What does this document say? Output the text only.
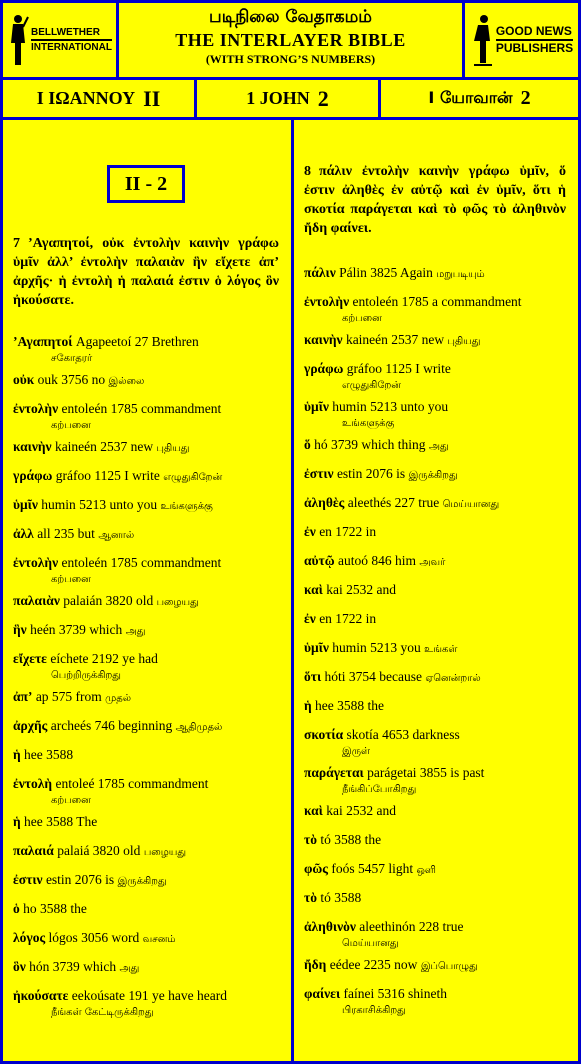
BELLWETHER
INTERNATIONAL
படிநிலை வேதாகமம்
THE INTERLAYER BIBLE
(WITH STRONG’S NUMBERS)
GOOD NEWS
PUBLISHERS
I ΙΩΑΝΝΟΥ II	1 JOHN 2	I யோவான் 2
II - 2
7 ’Αγαπητοί, οὐκ ἐντολὴν καινὴν γράφω ὑμῖν ἀλλ’ ἐντολὴν παλαιὰν ἣν εἴχετε ἀπ’ ἀρχῆς· ἡ ἐντολὴ ἡ παλαιά ἐστιν ὁ λόγος ὃν ἠκούσατε.
’Αγαπητοί Agapeetoí 27 Brethren
சகோதரர்
οὐκ ouk 3756 no இல்லை
ἐντολὴν entoleén 1785 commandment
கற்பனை
καινὴν kaineén 2537 new புதியது
γράφω gráfoo 1125 I write எழுதுகிறேன்
ὑμῖν humin 5213 unto you உங்களுக்கு
ἀλλ all 235 but ஆனால்
ἐντολὴν entoleén 1785 commandment
கற்பனை
παλαιὰν palaián 3820 old பழையது
ἣν heén 3739 which அது
εἴχετε eíchete 2192 ye had
பெற்றிருக்கிறது
ἀπ’ ap 575 from முதல்
ἀρχῆς archeés 746 beginning ஆதிமுதல்
ἡ hee 3588
ἐντολὴ entoleé 1785 commandment
கற்பனை
ἡ hee 3588 The
παλαιά palaiá 3820 old பழையது
ἐστιν estin 2076 is இருக்கிறது
ὁ ho 3588 the
λόγος lógos 3056 word வசனம்
ὃν hón 3739 which அது
ἠκούσατε eekoúsate 191 ye have heard
நீங்கள் கேட்டிருக்கிறது
8 πάλιν ἐντολὴν καινὴν γράφω ὑμῖν, ὅ ἐστιν ἀληθὲς ἐν αὐτῷ καὶ ἐν ὑμῖν, ὅτι ἡ σκοτία παράγεται καὶ τὸ φῶς τὸ ἀληθινὸν ἤδη φαίνει.
πάλιν Pálin 3825 Again மறுபடியும்
ἐντολὴν entoleén 1785 a commandment
கற்பனை
καινὴν kaineén 2537 new புதியது
γράφω gráfoo 1125 I write
எழுதுகிறேன்
ὑμῖν humin 5213 unto you
உங்களுக்கு
ὅ hó 3739 which thing அது
ἐστιν estin 2076 is இருக்கிறது
ἀληθὲς aleethés 227 true மெய்யானது
ἐν en 1722 in
αὐτῷ autoó 846 him அவர்
καὶ kai 2532 and
ἐν en 1722 in
ὑμῖν humin 5213 you உங்கள்
ὅτι hóti 3754 because ஏனென்றால்
ἡ hee 3588 the
σκοτία skotía 4653 darkness
இருள்
παράγεται parágetai 3855 is past
நீங்கிப்போகிறது
καὶ kai 2532 and
τὸ tó 3588 the
φῶς foós 5457 light ஒளி
τὸ tó 3588
ἀληθινὸν aleethinón 228 true
மெய்யானது
ἤδη eédee 2235 now இப்பொழுது
φαίνει faínei 5316 shineth
பிரகாசிக்கிறது
